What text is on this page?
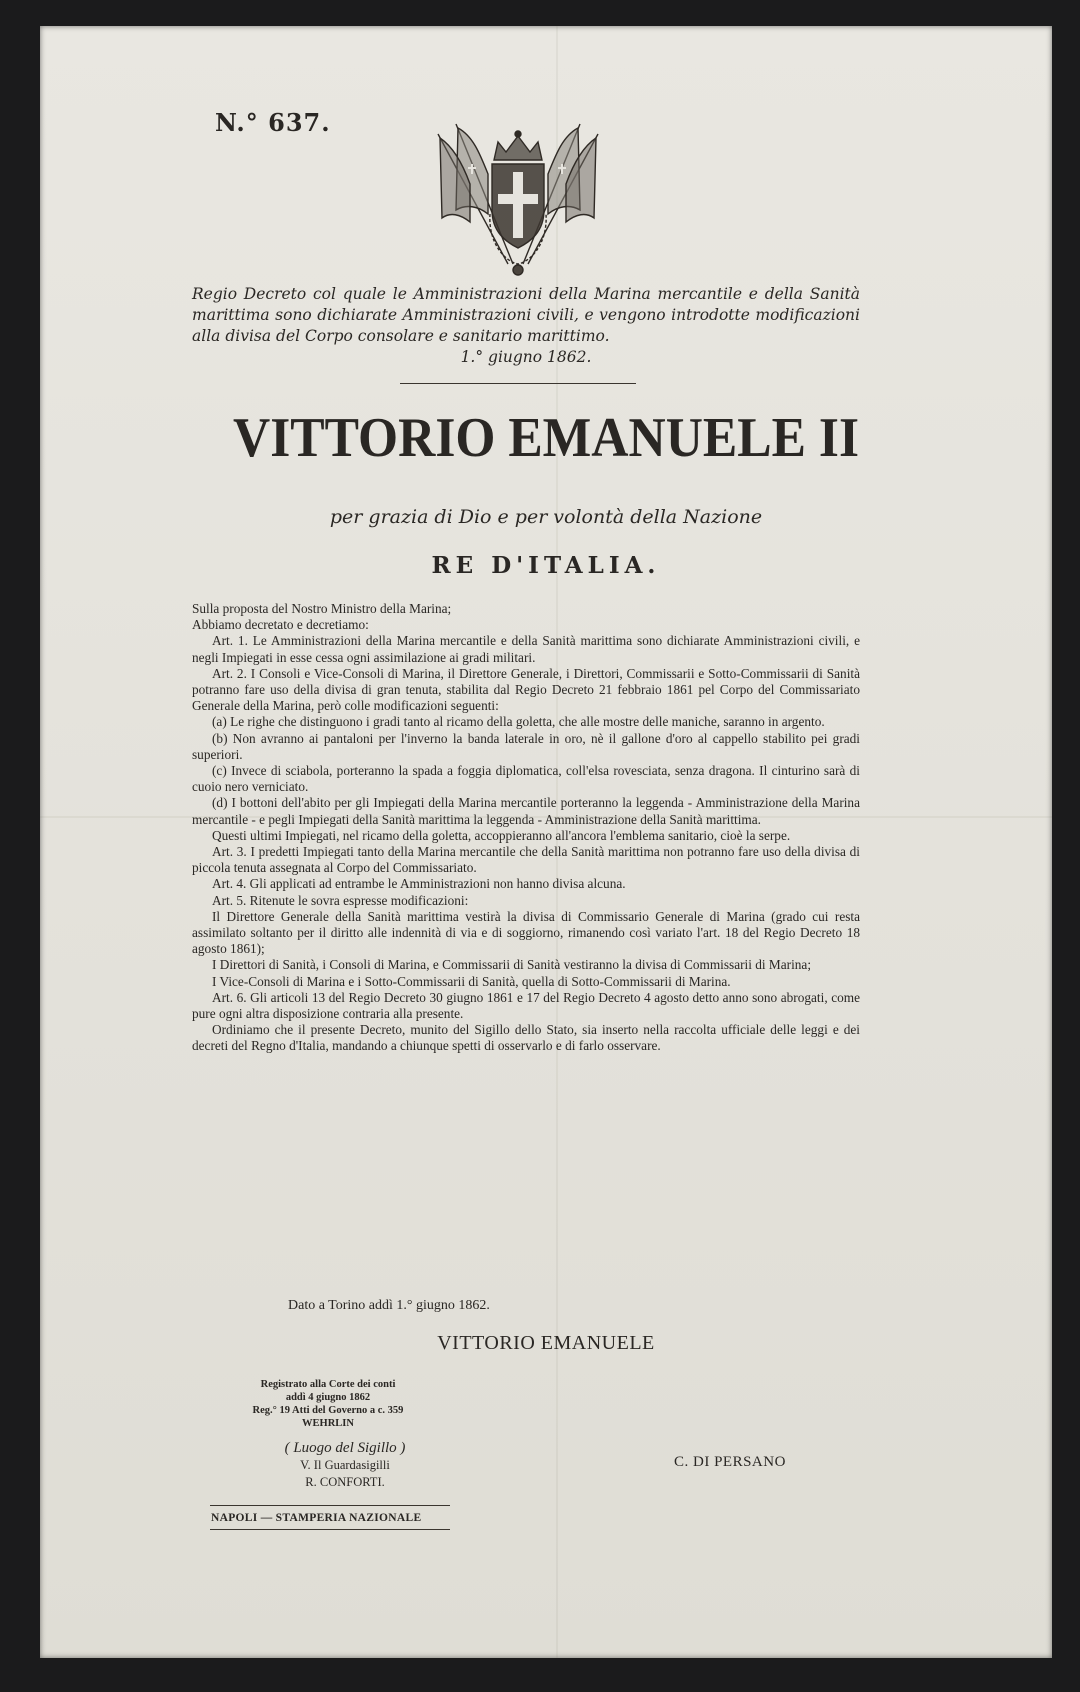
N.° 637.
Regio Decreto col quale le Amministrazioni della Marina mercantile e della Sanità marittima sono dichiarate Amministrazioni civili, e vengono introdotte modificazioni alla divisa del Corpo consolare e sanitario marittimo.
1.° giugno 1862.
VITTORIO EMANUELE II
per grazia di Dio e per volontà della Nazione
RE D'ITALIA.

Sulla proposta del Nostro Ministro della Marina;

Abbiamo decretato e decretiamo:

Art. 1. Le Amministrazioni della Marina mercantile e della Sanità marittima sono dichiarate Amministrazioni civili, e negli Impiegati in esse cessa ogni assimilazione ai gradi militari.

Art. 2. I Consoli e Vice-Consoli di Marina, il Direttore Generale, i Direttori, Commissarii e Sotto-Commissarii di Sanità potranno fare uso della divisa di gran tenuta, stabilita dal Regio Decreto 21 febbraio 1861 pel Corpo del Commissariato Generale della Marina, però colle modificazioni seguenti:

(a) Le righe che distinguono i gradi tanto al ricamo della goletta, che alle mostre delle maniche, saranno in argento.

(b) Non avranno ai pantaloni per l'inverno la banda laterale in oro, nè il gallone d'oro al cappello stabilito pei gradi superiori.

(c) Invece di sciabola, porteranno la spada a foggia diplomatica, coll'elsa rovesciata, senza dragona. Il cinturino sarà di cuoio nero verniciato.

(d) I bottoni dell'abito per gli Impiegati della Marina mercantile porteranno la leggenda - Amministrazione della Marina mercantile - e pegli Impiegati della Sanità marittima la leggenda - Amministrazione della Sanità marittima.

Questi ultimi Impiegati, nel ricamo della goletta, accoppieranno all'ancora l'emblema sanitario, cioè la serpe.

Art. 3. I predetti Impiegati tanto della Marina mercantile che della Sanità marittima non potranno fare uso della divisa di piccola tenuta assegnata al Corpo del Commissariato.

Art. 4. Gli applicati ad entrambe le Amministrazioni non hanno divisa alcuna.

Art. 5. Ritenute le sovra espresse modificazioni:

Il Direttore Generale della Sanità marittima vestirà la divisa di Commissario Generale di Marina (grado cui resta assimilato soltanto per il diritto alle indennità di via e di soggiorno, rimanendo così variato l'art. 18 del Regio Decreto 18 agosto 1861);

I Direttori di Sanità, i Consoli di Marina, e Commissarii di Sanità vestiranno la divisa di Commissarii di Marina;

I Vice-Consoli di Marina e i Sotto-Commissarii di Sanità, quella di Sotto-Commissarii di Marina.

Art. 6. Gli articoli 13 del Regio Decreto 30 giugno 1861 e 17 del Regio Decreto 4 agosto detto anno sono abrogati, come pure ogni altra disposizione contraria alla presente.

Ordiniamo che il presente Decreto, munito del Sigillo dello Stato, sia inserto nella raccolta ufficiale delle leggi e dei decreti del Regno d'Italia, mandando a chiunque spetti di osservarlo e di farlo osservare.

Dato a Torino addì 1.° giugno 1862.
VITTORIO EMANUELE
Registrato alla Corte dei conti
addì 4 giugno 1862
Reg.° 19 Atti del Governo a c. 359
WEHRLIN
( Luogo del Sigillo )
V. Il Guardasigilli
R. CONFORTI.
C. DI PERSANO
NAPOLI — STAMPERIA NAZIONALE
